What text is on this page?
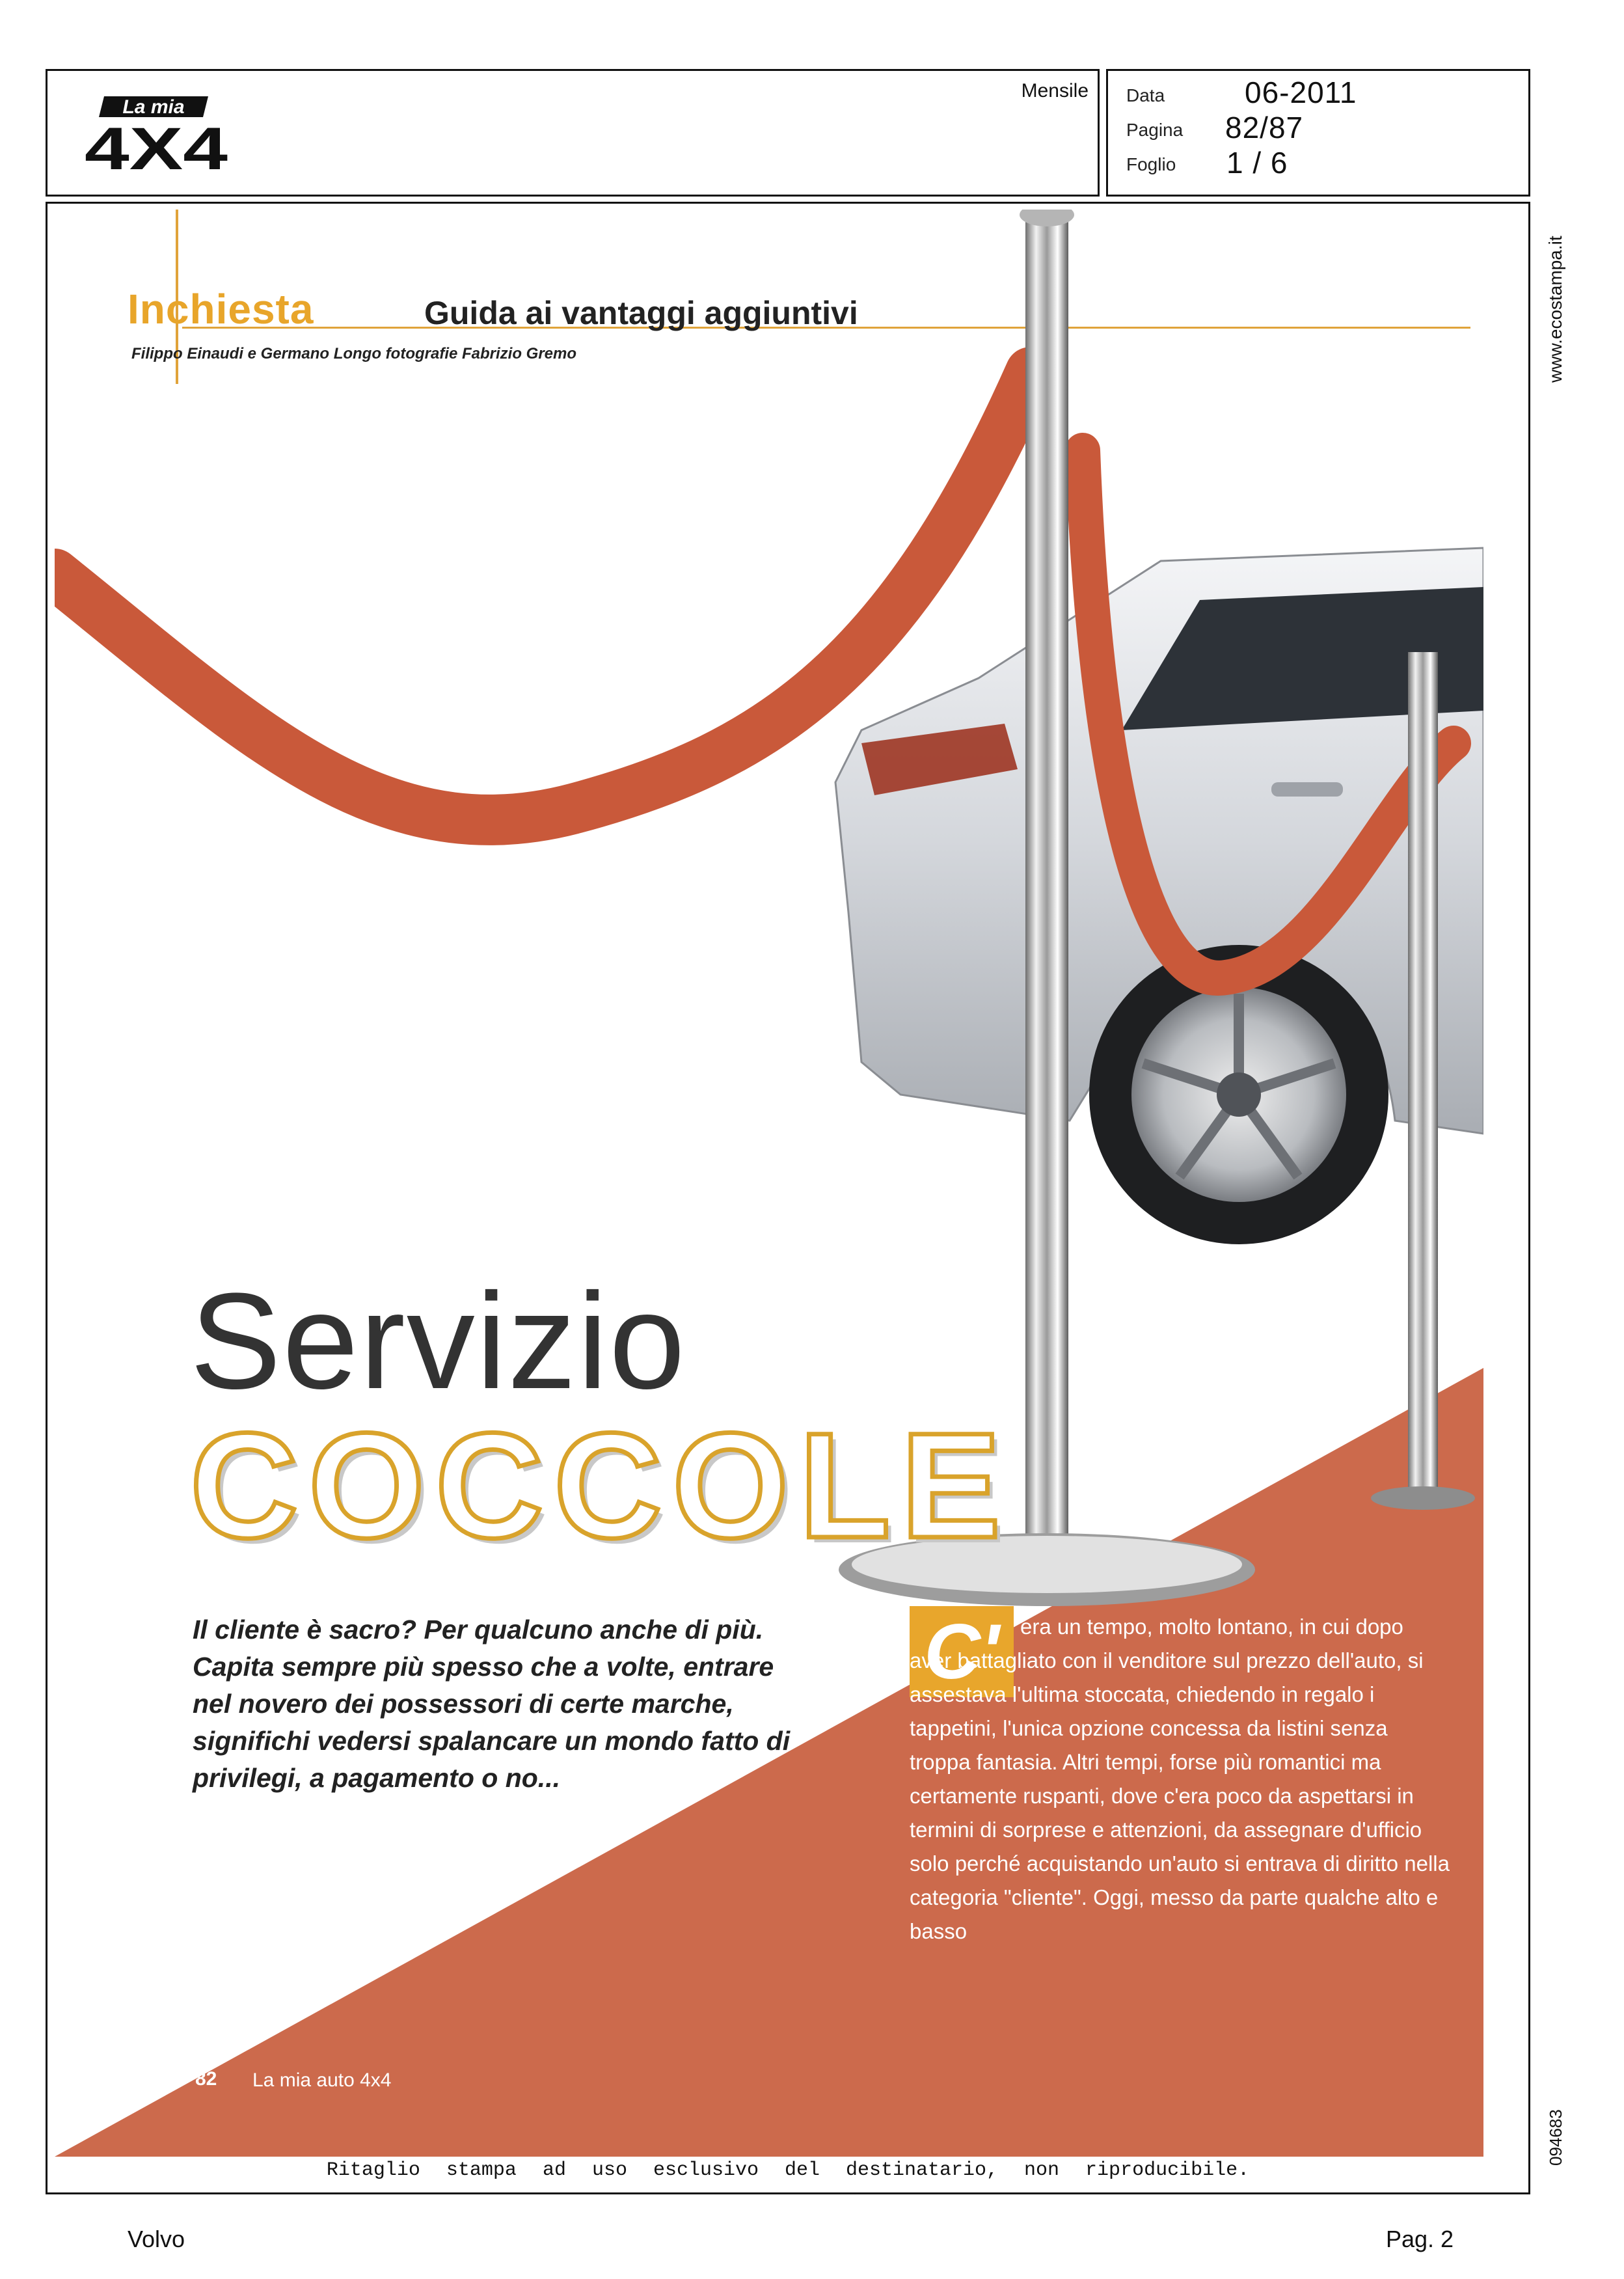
Mensile
La mia
4X4
Data	06-2011
Pagina 82/87
Foglio 1 / 6
Inchiesta	Guida ai vantaggi aggiuntivi
Filippo Einaudi e Germano Longo fotografie Fabrizio Gremo
Servizio
COCCOLE
Il cliente è sacro? Per qualcuno anche di più. Capita sempre più spesso che a volte, entrare nel novero dei possessori di certe marche, significhi vedersi spalancare un mondo fatto di privilegi, a pagamento o no...
C' era un tempo, molto lontano, in cui dopo aver battagliato con il venditore sul prezzo dell'auto, si assestava l'ultima stoccata, chiedendo in regalo i tappetini, l'unica opzione concessa da listini senza troppa fantasia. Altri tempi, forse più romantici ma certamente ruspanti, dove c'era poco da aspettarsi in termini di sorprese e attenzioni, da assegnare d'ufficio solo perché acquistando un'auto si entrava di diritto nella categoria "cliente". Oggi, messo da parte qualche alto e basso
82 La mia auto 4x4
www.ecostampa.it
094683
Ritaglio stampa ad uso esclusivo del destinatario, non riproducibile.
Volvo	Pag. 2
